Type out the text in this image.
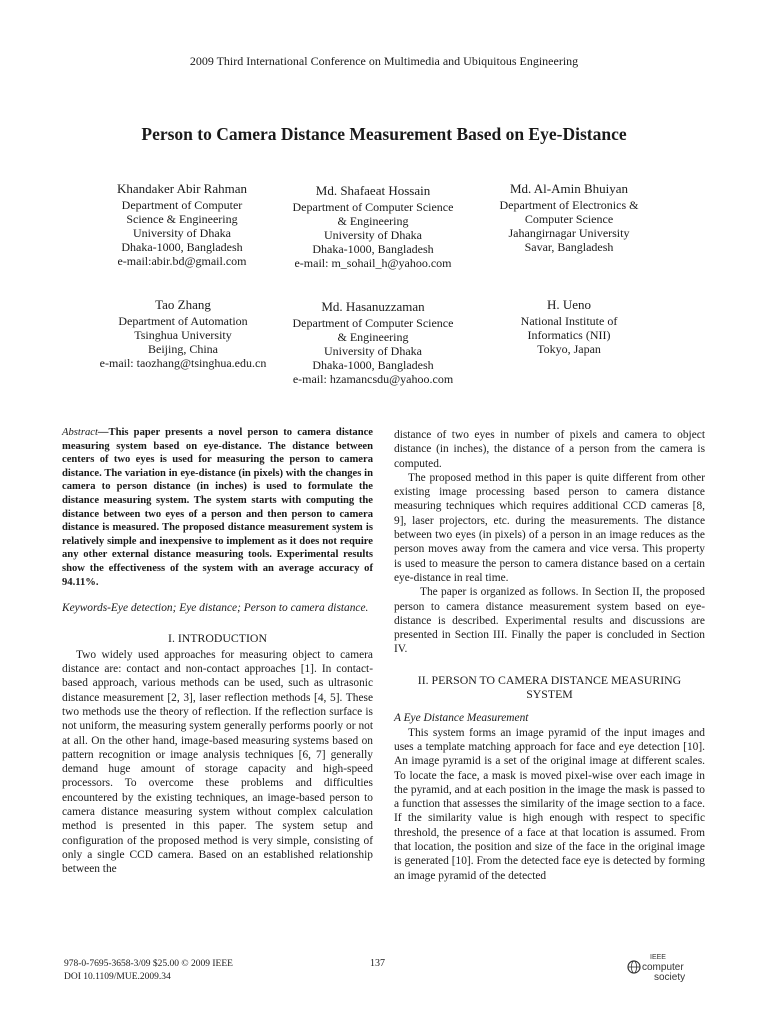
2009 Third International Conference on Multimedia and Ubiquitous Engineering
Person to Camera Distance Measurement Based on Eye-Distance
Khandaker Abir Rahman
Department of Computer
Science & Engineering
University of Dhaka
Dhaka-1000, Bangladesh
e-mail:abir.bd@gmail.com
Md. Shafaeat Hossain
Department of Computer Science
& Engineering
University of Dhaka
Dhaka-1000, Bangladesh
e-mail: m_sohail_h@yahoo.com
Md. Al-Amin Bhuiyan
Department of Electronics &
Computer Science
Jahangirnagar University
Savar, Bangladesh
Tao Zhang
Department of Automation
Tsinghua University
Beijing, China
e-mail: taozhang@tsinghua.edu.cn
Md. Hasanuzzaman
Department of Computer Science
& Engineering
University of Dhaka
Dhaka-1000, Bangladesh
e-mail: hzamancsdu@yahoo.com
H. Ueno
National Institute of
Informatics (NII)
Tokyo, Japan

Abstract—This paper presents a novel person to camera distance measuring system based on eye-distance. The distance between centers of two eyes is used for measuring the person to camera distance. The variation in eye-distance (in pixels) with the changes in camera to person distance (in inches) is used to formulate the distance measuring system. The system starts with computing the distance between two eyes of a person and then person to camera distance is measured. The proposed distance measurement system is relatively simple and inexpensive to implement as it does not require any other external distance measuring tools. Experimental results show the effectiveness of the system with an average accuracy of 94.11%.

Keywords-Eye detection; Eye distance; Person to camera distance.

I. INTRODUCTION

Two widely used approaches for measuring object to camera distance are: contact and non-contact approaches [1]. In contact-based approach, various methods can be used, such as ultrasonic distance measurement [2, 3], laser reflection methods [4, 5]. These two methods use the theory of reflection. If the reflection surface is not uniform, the measuring system generally performs poorly or not at all. On the other hand, image-based measuring systems based on pattern recognition or image analysis techniques [6, 7] generally demand huge amount of storage capacity and high-speed processors. To overcome these problems and difficulties encountered by the existing techniques, an image-based person to camera distance measuring system without complex calculation method is presented in this paper. The system setup and configuration of the proposed method is very simple, consisting of only a single CCD camera. Based on an established relationship between the

distance of two eyes in number of pixels and camera to object distance (in inches), the distance of a person from the camera is computed.

The proposed method in this paper is quite different from other existing image processing based person to camera distance measuring techniques which requires additional CCD cameras [8, 9], laser projectors, etc. during the measurements. The distance between two eyes (in pixels) of a person in an image reduces as the person moves away from the camera and vice versa. This property is used to measure the person to camera distance based on a certain eye-distance in real time.

The paper is organized as follows. In Section II, the proposed person to camera distance measurement system based on eye-distance is described. Experimental results and discussions are presented in Section III. Finally the paper is concluded in Section IV.

II. PERSON TO CAMERA DISTANCE MEASURING SYSTEM

A Eye Distance Measurement

This system forms an image pyramid of the input images and uses a template matching approach for face and eye detection [10]. An image pyramid is a set of the original image at different scales. To locate the face, a mask is moved pixel-wise over each image in the pyramid, and at each position in the image the mask is passed to a function that assesses the similarity of the image section to a face. If the similarity value is high enough with respect to specific threshold, the presence of a face at that location is assumed. From that location, the position and size of the face in the original image is generated [10]. From the detected face eye is detected by forming an image pyramid of the detected

978-0-7695-3658-3/09 $25.00 © 2009 IEEE
DOI 10.1109/MUE.2009.34
137
IEEE
computer
society
